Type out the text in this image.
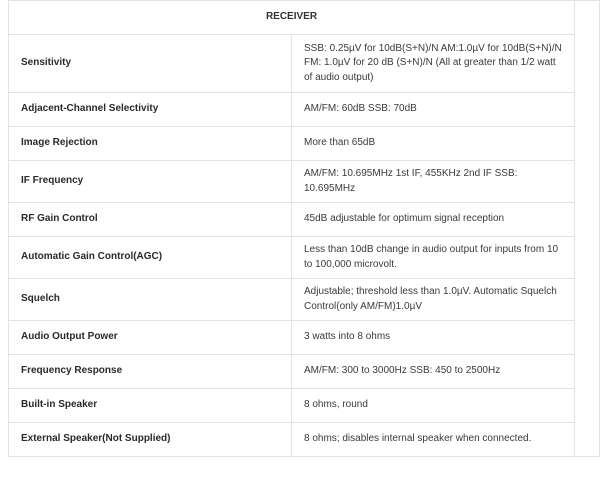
RECEIVER		
Sensitivity	SSB: 0.25µV for 10dB(S+N)/N AM:1.0µV for 10dB(S+N)/N FM: 1.0µV for 20 dB (S+N)/N (All at greater than 1/2 watt of audio output)	
Adjacent-Channel Selectivity	AM/FM: 60dB SSB: 70dB	
Image Rejection	More than 65dB	
IF Frequency	AM/FM: 10.695MHz 1st IF, 455KHz 2nd IF SSB: 10.695MHz	
RF Gain Control	45dB adjustable for optimum signal reception	
Automatic Gain Control(AGC)	Less than 10dB change in audio output for inputs from 10 to 100,000 microvolt.	
Squelch	Adjustable; threshold less than 1.0µV. Automatic Squelch Control(only AM/FM)1.0µV	
Audio Output Power	3 watts into 8 ohms	
Frequency Response	AM/FM: 300 to 3000Hz SSB: 450 to 2500Hz	
Built-in Speaker	8 ohms, round	
External Speaker(Not Supplied)	8 ohms; disables internal speaker when connected.	
